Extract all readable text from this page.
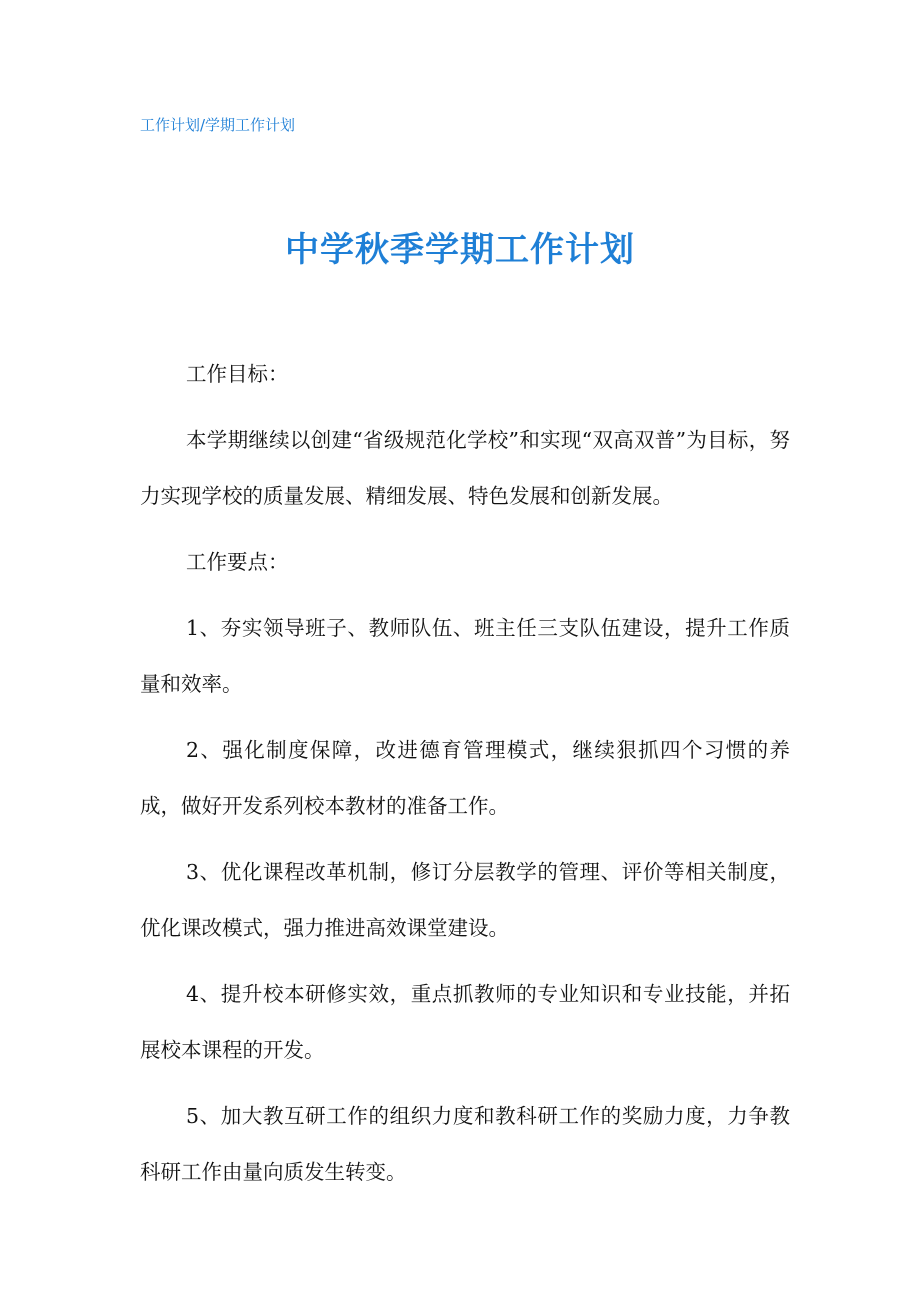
工作计划/学期工作计划
中学秋季学期工作计划

工作目标：

本学期继续以创建“省级规范化学校”和实现“双高双普”为目标，努力实现学校的质量发展、精细发展、特色发展和创新发展。

工作要点：

1、夯实领导班子、教师队伍、班主任三支队伍建设，提升工作质量和效率。

2、强化制度保障，改进德育管理模式，继续狠抓四个习惯的养成，做好开发系列校本教材的准备工作。

3、优化课程改革机制，修订分层教学的管理、评价等相关制度，优化课改模式，强力推进高效课堂建设。

4、提升校本研修实效，重点抓教师的专业知识和专业技能，并拓展校本课程的开发。

5、加大教互研工作的组织力度和教科研工作的奖励力度，力争教科研工作由量向质发生转变。
